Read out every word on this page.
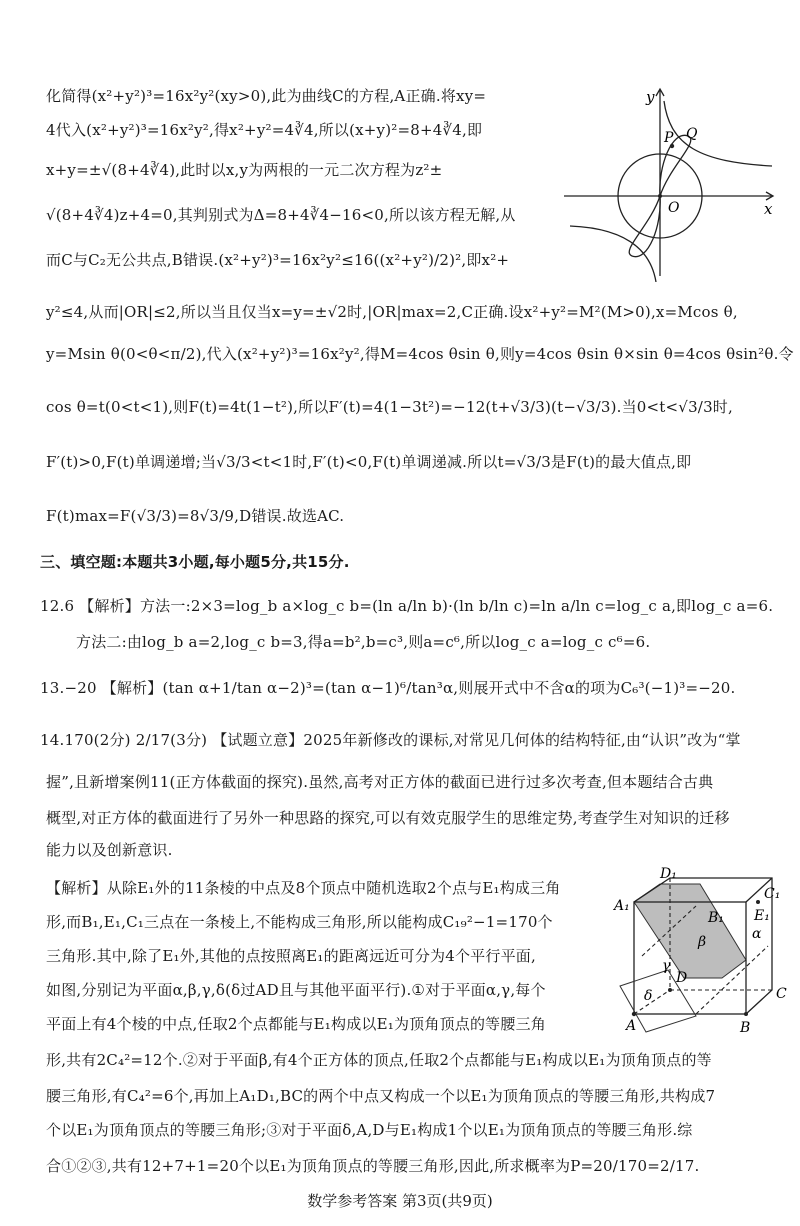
化简得(x²+y²)³=16x²y²(xy>0),此为曲线C的方程,A正确.将xy=
4代入(x²+y²)³=16x²y²,得x²+y²=4∛4,所以(x+y)²=8+4∛4,即
x+y=±√(8+4∛4),此时以x,y为两根的一元二次方程为z²±
√(8+4∛4)z+4=0,其判别式为Δ=8+4∛4−16<0,所以该方程无解,从
而C与C₂无公共点,B错误.(x²+y²)³=16x²y²≤16((x²+y²)/2)²,即x²+
y
x
O
P Q
y²≤4,从而|OR|≤2,所以当且仅当x=y=±√2时,|OR|max=2,C正确.设x²+y²=M²(M>0),x=Mcos θ,
y=Msin θ(0<θ<π/2),代入(x²+y²)³=16x²y²,得M=4cos θsin θ,则y=4cos θsin θ×sin θ=4cos θsin²θ.令
cos θ=t(0<t<1),则F(t)=4t(1−t²),所以F′(t)=4(1−3t²)=−12(t+√3/3)(t−√3/3).当0<t<√3/3时,
F′(t)>0,F(t)单调递增;当√3/3<t<1时,F′(t)<0,F(t)单调递减.所以t=√3/3是F(t)的最大值点,即
F(t)max=F(√3/3)=8√3/9,D错误.故选AC.
三、填空题:本题共3小题,每小题5分,共15分.
12.6 【解析】方法一:2×3=log_b a×log_c b=(ln a/ln b)·(ln b/ln c)=ln a/ln c=log_c a,即log_c a=6.
方法二:由log_b a=2,log_c b=3,得a=b²,b=c³,则a=c⁶,所以log_c a=log_c c⁶=6.
13.−20 【解析】(tan α+1/tan α−2)³=(tan α−1)⁶/tan³α,则展开式中不含α的项为C₆³(−1)³=−20.
14.170(2分) 2/17(3分) 【试题立意】2025年新修改的课标,对常见几何体的结构特征,由“认识”改为“掌
握”,且新增案例11(正方体截面的探究).虽然,高考对正方体的截面已进行过多次考查,但本题结合古典
概型,对正方体的截面进行了另外一种思路的探究,可以有效克服学生的思维定势,考查学生对知识的迁移
能力以及创新意识.
【解析】从除E₁外的11条棱的中点及8个顶点中随机选取2个点与E₁构成三角
形,而B₁,E₁,C₁三点在一条棱上,不能构成三角形,所以能构成C₁₉²−1=170个
三角形.其中,除了E₁外,其他的点按照离E₁的距离远近可分为4个平行平面,
如图,分别记为平面α,β,γ,δ(δ过AD且与其他平面平行).①对于平面α,γ,每个
平面上有4个棱的中点,任取2个点都能与E₁构成以E₁为顶角顶点的等腰三角
D₁
C₁
A₁
B₁ E₁
α
β
γ
δ
D
A	B
C
形,共有2C₄²=12个.②对于平面β,有4个正方体的顶点,任取2个点都能与E₁构成以E₁为顶角顶点的等
腰三角形,有C₄²=6个,再加上A₁D₁,BC的两个中点又构成一个以E₁为顶角顶点的等腰三角形,共构成7
个以E₁为顶角顶点的等腰三角形;③对于平面δ,A,D与E₁构成1个以E₁为顶角顶点的等腰三角形.综
合①②③,共有12+7+1=20个以E₁为顶角顶点的等腰三角形,因此,所求概率为P=20/170=2/17.
数学参考答案 第3页(共9页)
